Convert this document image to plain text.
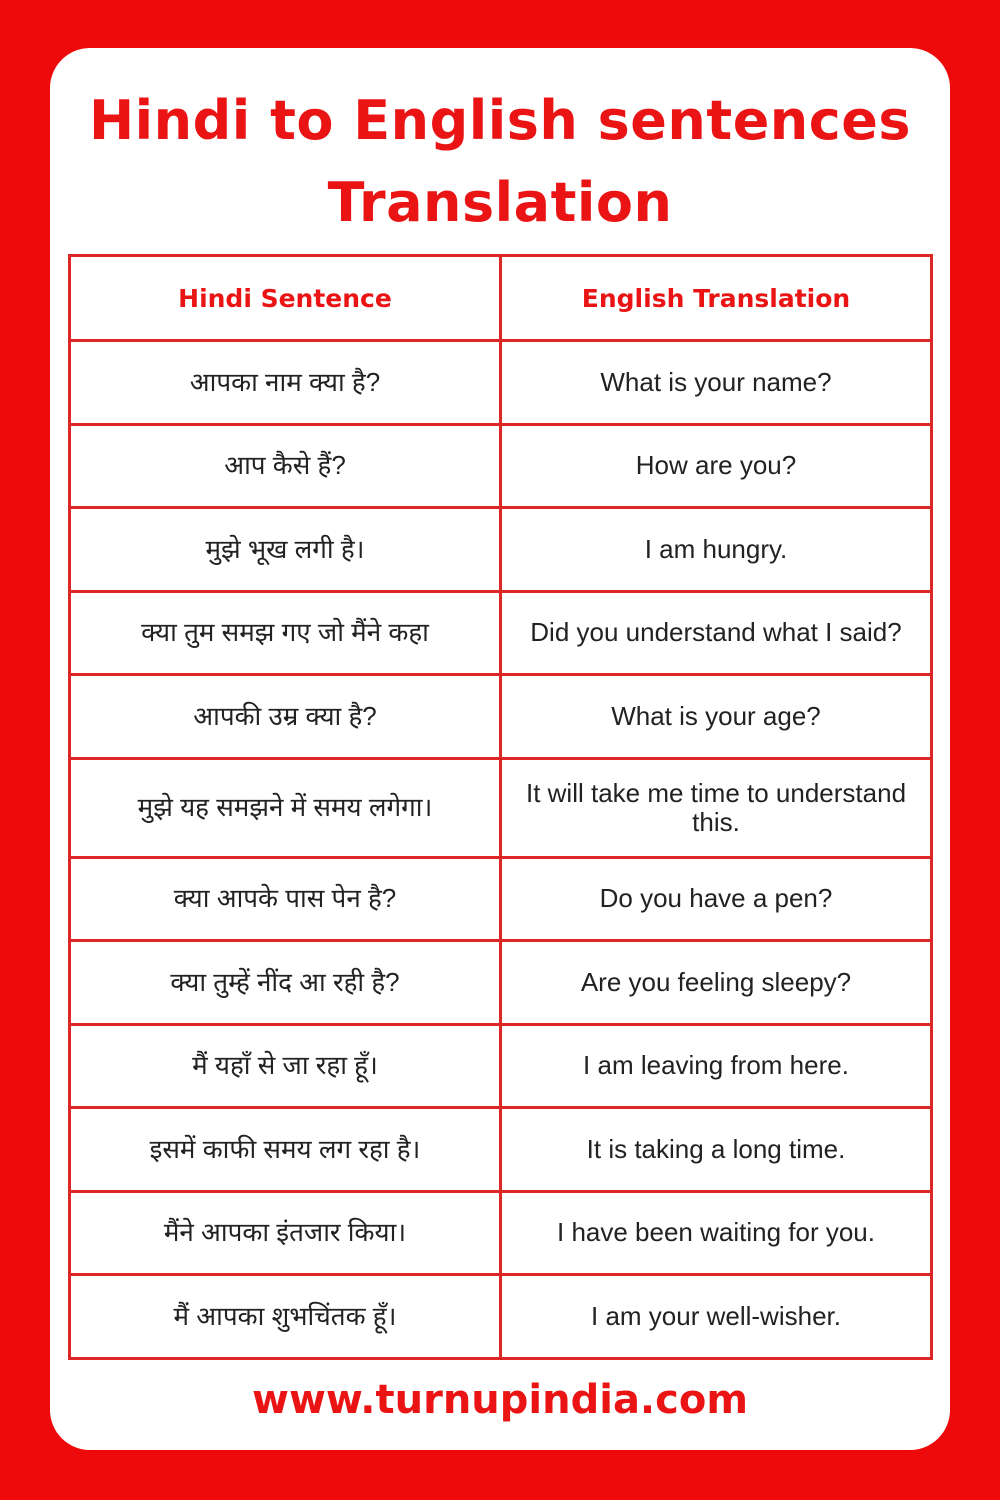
Hindi to English sentences
Translation
Hindi Sentence	English Translation
आपका नाम क्या है?	What is your name?
आप कैसे हैं?	How are you?
मुझे भूख लगी है।	I am hungry.
क्या तुम समझ गए जो मैंने कहा	Did you understand what I said?
आपकी उम्र क्या है?	What is your age?
मुझे यह समझने में समय लगेगा।	It will take me time to understand this.
क्या आपके पास पेन है?	Do you have a pen?
क्या तुम्हें नींद आ रही है?	Are you feeling sleepy?
मैं यहाँ से जा रहा हूँ।	I am leaving from here.
इसमें काफी समय लग रहा है।	It is taking a long time.
मैंने आपका इंतजार किया।	I have been waiting for you.
मैं आपका शुभचिंतक हूँ।	I am your well-wisher.
www.turnupindia.com
